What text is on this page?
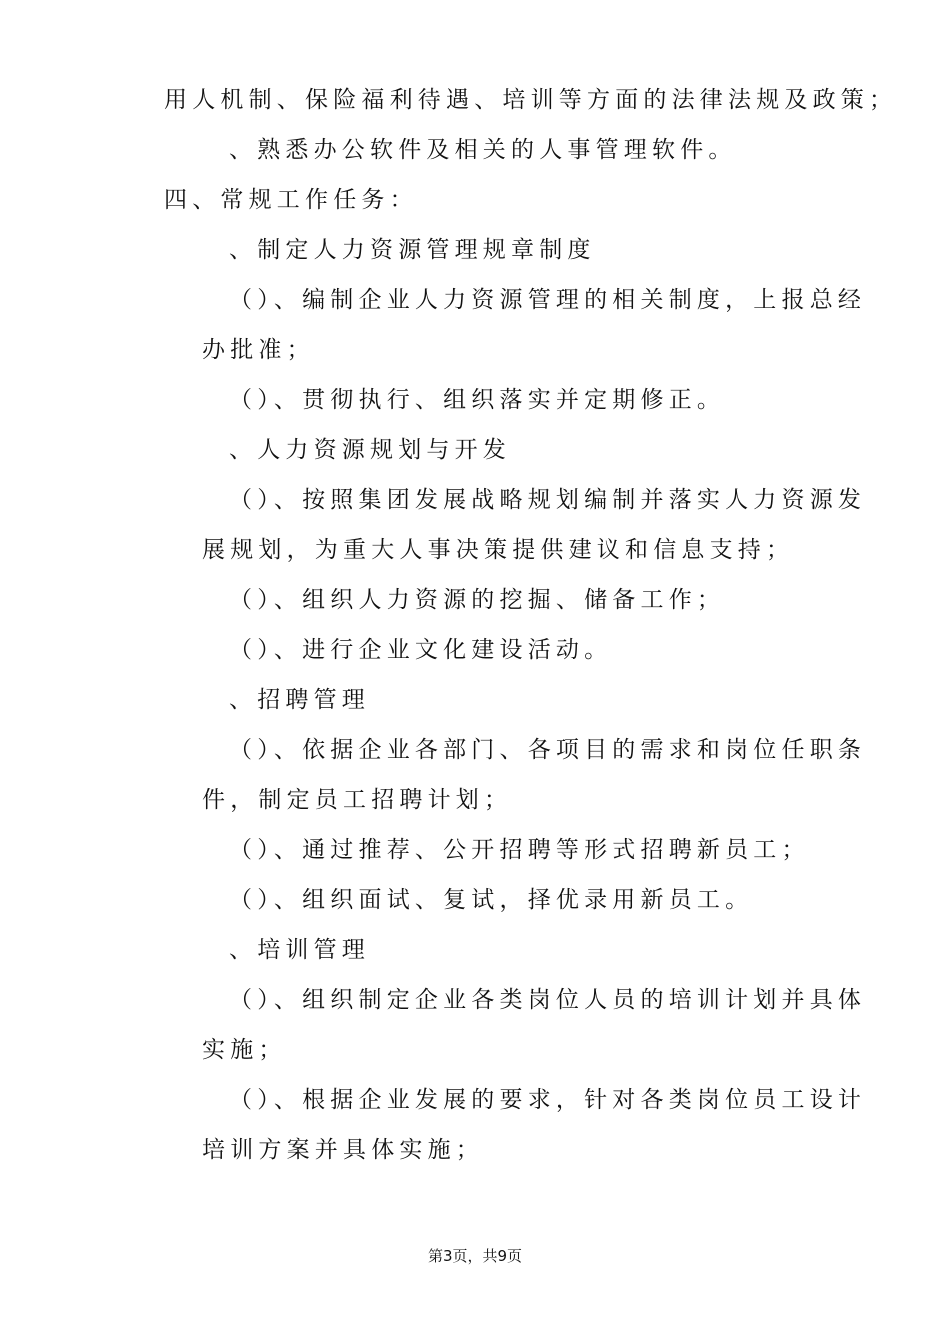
用人机制、保险福利待遇、培训等方面的法律法规及政策；
、熟悉办公软件及相关的人事管理软件。
四、常规工作任务：
、制定人力资源管理规章制度
（）、编制企业人力资源管理的相关制度，上报总经
办批准；
（）、贯彻执行、组织落实并定期修正。
、人力资源规划与开发
（）、按照集团发展战略规划编制并落实人力资源发
展规划，为重大人事决策提供建议和信息支持；
（）、组织人力资源的挖掘、储备工作；
（）、进行企业文化建设活动。
、招聘管理
（）、依据企业各部门、各项目的需求和岗位任职条
件，制定员工招聘计划；
（）、通过推荐、公开招聘等形式招聘新员工；
（）、组织面试、复试，择优录用新员工。
、培训管理
（）、组织制定企业各类岗位人员的培训计划并具体
实施；
（）、根据企业发展的要求，针对各类岗位员工设计
培训方案并具体实施；
第3页，共9页
